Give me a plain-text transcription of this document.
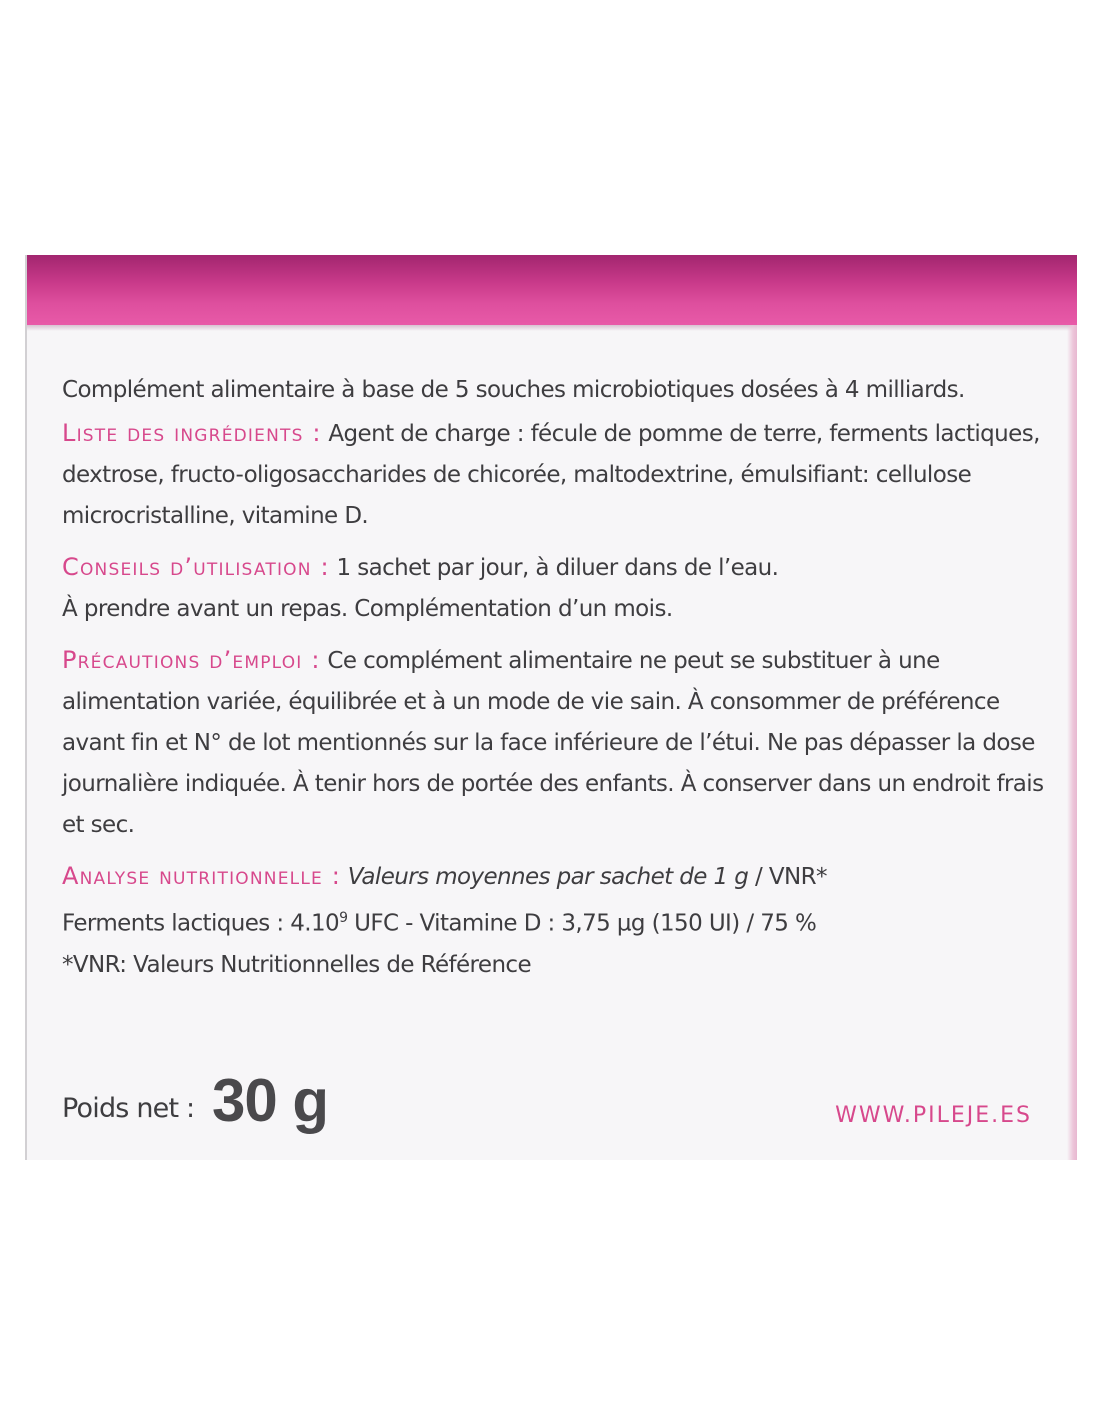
Complément alimentaire à base de 5 souches microbiotiques dosées à 4 milliards.

Liste des ingrédients : Agent de charge : fécule de pomme de terre, ferments lactiques, dextrose, fructo-oligosaccharides de chicorée, maltodextrine, émulsifiant: cellulose microcristalline, vitamine D.

Conseils d’utilisation : 1 sachet par jour, à diluer dans de l’eau.
À prendre avant un repas. Complémentation d’un mois.

Précautions d’emploi : Ce complément alimentaire ne peut se substituer à une alimentation variée, équilibrée et à un mode de vie sain. À consommer de préférence avant fin et N° de lot mentionnés sur la face inférieure de l’étui. Ne pas dépasser la dose journalière indiquée. À tenir hors de portée des enfants. À conserver dans un endroit frais et sec.

Analyse nutritionnelle : Valeurs moyennes par sachet de 1 g / VNR*
Ferments lactiques : 4.10$^9$ UFC - Vitamine D : 3,75 µg (150 UI) / 75 %
*VNR: Valeurs Nutritionnelles de Référence

Poids net : 30 g	WWW.PILEJE.ES
